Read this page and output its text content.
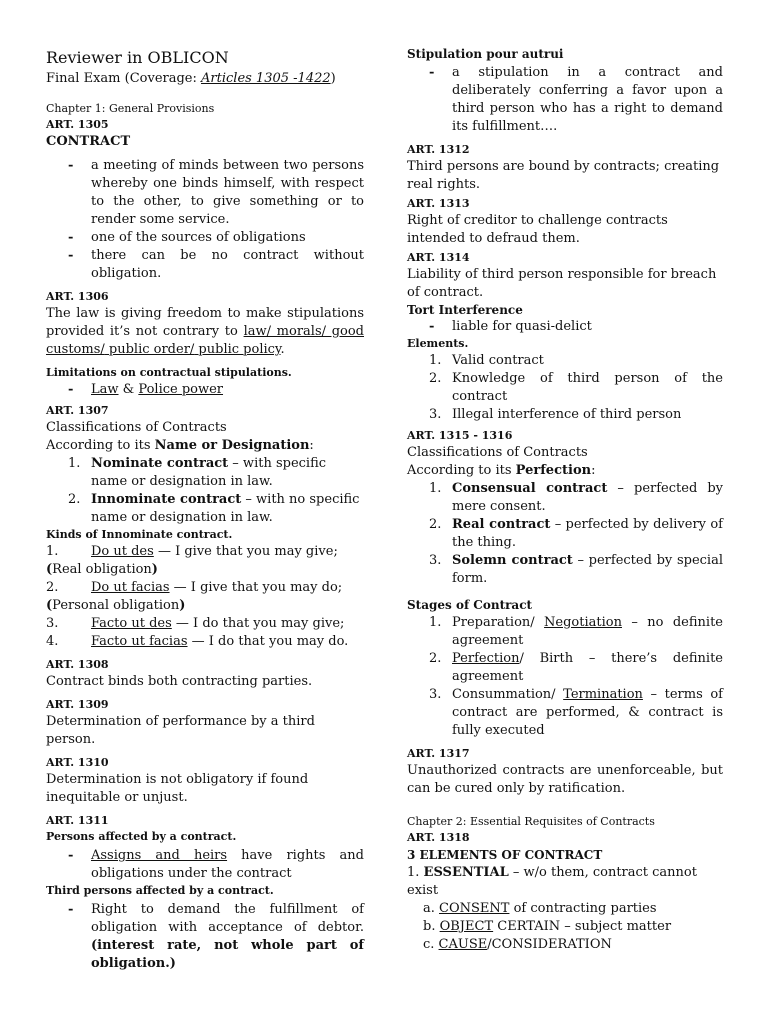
Reviewer in OBLICON

Final Exam (Coverage: Articles 1305 -1422)

Chapter 1: General Provisions

ART. 1305

CONTRACT

- a meeting of minds between two persons whereby one binds himself, with respect to the other, to give something or to render some service.
- one of the sources of obligations
- there can be no contract without obligation.

ART. 1306

The law is giving freedom to make stipulations provided it’s not contrary to law/ morals/ good customs/ public order/ public policy.

Limitations on contractual stipulations.

- Law & Police power

ART. 1307

Classifications of Contracts

According to its Name or Designation:

1. Nominate contract – with specific name or designation in law.
2. Innominate contract – with no specific name or designation in law.

Kinds of Innominate contract.

1.	Do ut des — I give that you may give;
(Real obligation)

2.	Do ut facias — I give that you may do;
(Personal obligation)

3.	Facto ut des — I do that you may give;

4.	Facto ut facias — I do that you may do.

ART. 1308

Contract binds both contracting parties.

ART. 1309

Determination of performance by a third person.

ART. 1310

Determination is not obligatory if found inequitable or unjust.

ART. 1311

Persons affected by a contract.

- Assigns and heirs have rights and obligations under the contract

Third persons affected by a contract.

- Right to demand the fulfillment of obligation with acceptance of debtor. (interest rate, not whole part of obligation.)

Stipulation pour autrui

- a stipulation in a contract and deliberately conferring a favor upon a third person who has a right to demand its fulfillment….

ART. 1312

Third persons are bound by contracts; creating real rights.

ART. 1313

Right of creditor to challenge contracts intended to defraud them.

ART. 1314

Liability of third person responsible for breach of contract.

Tort Interference

- liable for quasi-delict

Elements.

1. Valid contract
2. Knowledge of third person of the contract
3. Illegal interference of third person

ART. 1315 - 1316

Classifications of Contracts

According to its Perfection:

1. Consensual contract – perfected by mere consent.
2. Real contract – perfected by delivery of the thing.
3. Solemn contract – perfected by special form.

Stages of Contract

1. Preparation/ Negotiation – no definite agreement
2. Perfection/ Birth – there’s definite agreement
3. Consummation/ Termination – terms of contract are performed, & contract is fully executed

ART. 1317

Unauthorized contracts are unenforceable, but can be cured only by ratification.

Chapter 2: Essential Requisites of Contracts

ART. 1318

3 ELEMENTS OF CONTRACT

1. ESSENTIAL – w/o them, contract cannot exist

a. CONSENT of contracting parties

b. OBJECT CERTAIN – subject matter

c. CAUSE/CONSIDERATION
